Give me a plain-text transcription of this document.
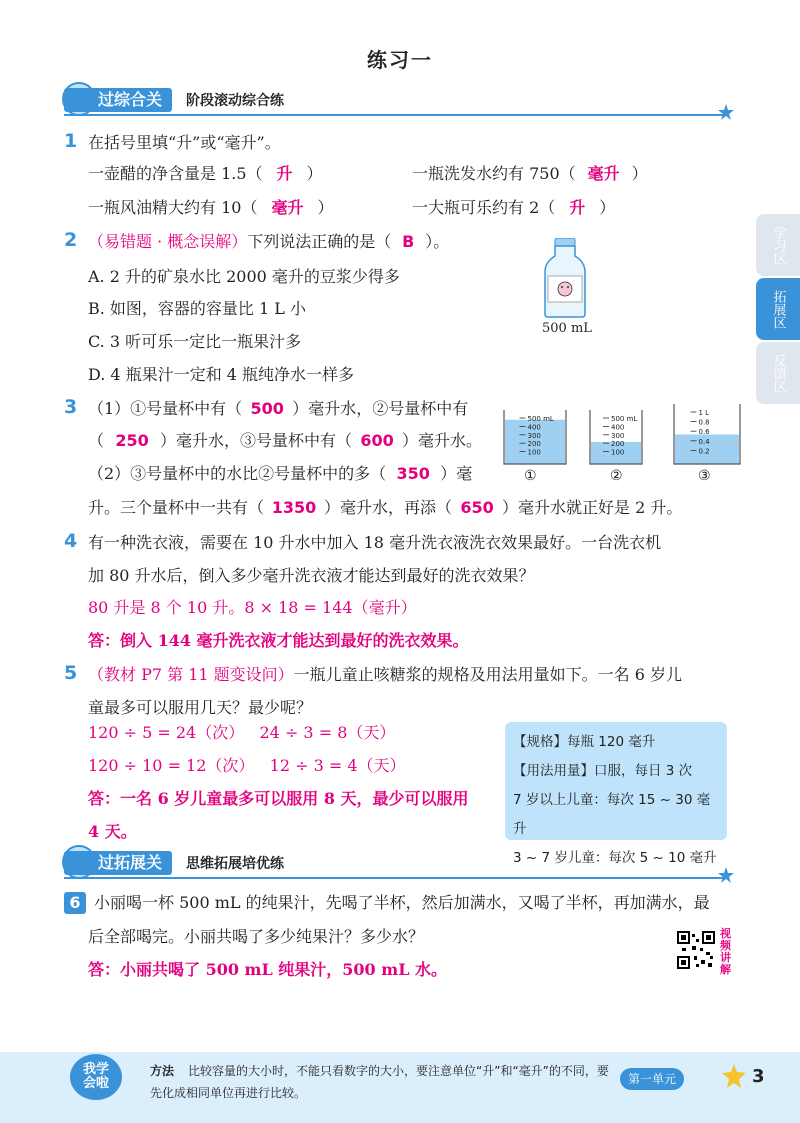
练习一
过综合关	阶段滚动综合练
学习区
拓展区
反馈区
1 在括号里填“升”或“毫升”。
一壶醋的净含量是 1.5（ 升 ）	一瓶洗发水约有 750（ 毫升 ）
一瓶风油精大约有 10（ 毫升 ）	一大瓶可乐约有 2（ 升 ）
2 （易错题 · 概念误解）下列说法正确的是（ B ）。
A. 2 升的矿泉水比 2000 毫升的豆浆少得多
B. 如图，容器的容量比 1 L 小
C. 3 听可乐一定比一瓶果汁多
D. 4 瓶果汁一定和 4 瓶纯净水一样多
500 mL
3 （1）①号量杯中有（ 500 ）毫升水，②号量杯中有
（ 250 ）毫升水，③号量杯中有（ 600 ）毫升水。
（2）③号量杯中的水比②号量杯中的多（ 350 ）毫
升。三个量杯中一共有（ 1350 ）毫升水，再添（ 650 ）毫升水就正好是 2 升。
500 mL
400
300
200
100
500 mL
400
300
200
100
1 L
0.8
0.6
0.4
0.2
①	②	③
4 有一种洗衣液，需要在 10 升水中加入 18 毫升洗衣液洗衣效果最好。一台洗衣机
加 80 升水后，倒入多少毫升洗衣液才能达到最好的洗衣效果？
80 升是 8 个 10 升。8 × 18 = 144（毫升）
答：倒入 144 毫升洗衣液才能达到最好的洗衣效果。
5 （教材 P7 第 11 题变设问）一瓶儿童止咳糖浆的规格及用法用量如下。一名 6 岁儿
童最多可以服用几天？最少呢？
120 ÷ 5 = 24（次）   24 ÷ 3 = 8（天）
120 ÷ 10 = 12（次）   12 ÷ 3 = 4（天）
答：一名 6 岁儿童最多可以服用 8 天，最少可以服用
4 天。
【规格】每瓶 120 毫升
【用法用量】口服，每日 3 次
7 岁以上儿童：每次 15 ~ 30 毫升
3 ~ 7 岁儿童：每次 5 ~ 10 毫升
过拓展关	思维拓展培优练
6 小丽喝一杯 500 mL 的纯果汁，先喝了半杯，然后加满水，又喝了半杯，再加满水，最
后全部喝完。小丽共喝了多少纯果汁？多少水？
答：小丽共喝了 500 mL 纯果汁，500 mL 水。
视频讲解
我学
会啦
方法 比较容量的大小时，不能只看数字的大小，要注意单位“升”和“毫升”的不同，要先化成相同单位再进行比较。
第一单元	3
